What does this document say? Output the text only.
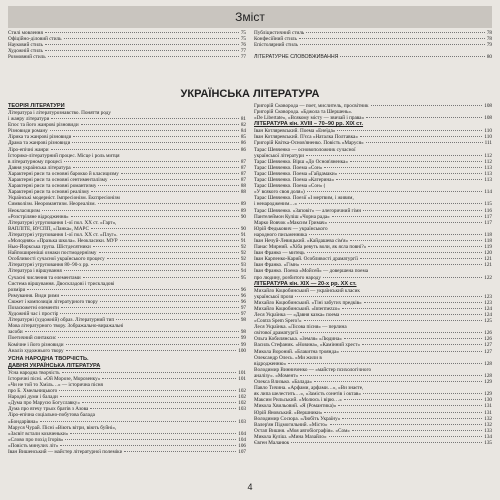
Зміст
Стилі мовлення	75
Офіційно-діловий стиль	75
Науковий стиль	76
Художній стиль	77
Розмовний стиль	77
Публіцистичний стиль	78
Конфесійний стиль	78
Епістолярний стиль	79
ЛІТЕРАТУРНЕ СЛОВОВЖИВАННЯ	80
УКРАЇНСЬКА ЛІТЕРАТУРА
ТЕОРІЯ ЛІТЕРАТУРИ
Література і літературознавство. Поняття роду
і жанру літератури	81
Епос та його жанрові різновиди	82
Різновиди роману	84
Лірика та жанрові різновиди	85
Драма та жанрові різновиди	86
Ліро-епічні жанри	86
Історико-літературний процес. Місце і роль митця
в літературному процесі	87
Давня українська література	87
Характерні риси та основні барокко й класицизму	87
Характерні риси та основні сентименталізму	87
Характерні риси та основні романтизму	88
Характерні риси та основні реалізму	88
Українські модерніст. Імпресіонізм. Експресіонізм
Символізм. Неоромантизм. Неореалізм.	89
Неокласицизм	89
«Розстріляне відродження»	90
Літературні угруповання 1-ої пол. XX ст. «Гарт»,
ВАПЛІТЕ, ВУСПП, «Ланка», МАРС	90
Літературні угруповання 1-ої пол. XX ст. «Плуг».	91
«Молодняк» «Празька школа». Неокласики. МУР	91
Нью-Йоркська група. Шістдесятники	92
Найпоширеніші ознаки постмодернізму	92
Особливості сучасної українського процесу	92
Літературні угруповання 80–90-х рр.	93
Література і віршування	94
Сучасні числення та елементами	95
Система віршування. Двоскладові і трискладові
розміри	96
Римування. Види рими	96
Сюжет і композиція літературного твору	96
Позасюжетні елементи	97
Художній час і простір	97
Літературні (художній) образ. Літературний тип	98
Мова літературного твору. Зображально-виражальні
засоби	98
Поетичний синтаксис	99
Комічне і його різновиди	99
Аналіз художнього твору	100
УСНА НАРОДНА ТВОРЧІСТЬ.
ДАВНЯ УКРАЇНСЬКА ЛІТЕРАТУРА
Усна народна творчість	101
Історичні пісні. «Ой Морозе, Морозенку»	101
«Чи не той то Хміль…» — історична пісня
про Б. Хмельницького	102
Народні думи і балади	102
«Дума про Марусю Богуславку»	102
Дума про втечу трьох братів з Азова	103
Ліро-епічна соціально-побутова балада
«Бондарівна»	103
Маруся Чурай. Пісні «Віють вітри, віють буйні»,
«Засвіт встали козаченьки»	104
«Слово про похід Ігорів»	104
«Повість минулих літ»	106
Іван Вишенський — майстер літературної полеміки	107
Григорій Сковорода — поет, мислитель, просвітник	108
Григорій Сковорода. «Бджола та Шершень».
«De Libertate», «Всякому місту — звичай і права»	108
ЛІТЕРАТУРА кін. XVIII – 70–90 рр. XIX ст.
Іван Котляревський. Поема «Енеїда»	110
Іван Котляревський. П'єса «Наталка Полтавка»	110
Григорій Квітка-Основ'яненко. Повість «Маруся»	111
Тарас Шевченко — основоположник сучасної
української літератури	112
Тарас Шевченко. Вірш «До Основ'яненка»	112
Тарас Шевченко. Поема «Сон»	113
Тарас Шевченко. Поема «Гайдамаки»	113
Тарас Шевченко. Поема «Катерина»	113
Тарас Шевченко. Поема «Сон» (
«У всякого своя доля»)	114
Тарас Шевченко. Поезії «І мертвим, і живим,
і ненародженим…»	115
Тарас Шевченко. «Заповіт» — алегоричний гімн	116
Пантелеймон Куліш «Чорна рада»	117
Марко Вовчок «Максим Гримач»	117
Юрій Федькович — українського
народного письменника	118
Іван Нечуй-Левицький. «Кайдашева сім'я»	118
Панас Мирний. «Хіба ревуть воли, як ясла повні?»	119
Іван Франко — митець	120
Іван Карпенко-Карий. Особливості драматургії	121
Іван Франко. «Гімн»	121
Іван Франко. Поема «Мойсей» — довершена поема
про людину, розбитого народу	122
ЛІТЕРАТУРА кін. XIX — 20-х рр. XX ст.
Михайло Коцюбинський — український класик
української прози	123
Михайло Коцюбинський. «Тіні забутих предків»	123
Михайло Коцюбинський. «Intermezzo»	124
Леся Українка — «Давня казка» поема	124
«Contra Spem Spero!»	125
Леся Українка. «Лісова пісня» — перлина
світової драматургії	126
Ольга Кобилянська. «Земля» «Людина»	126
Василь Стефаник. «Новина», «Камінний хрест»	127
Микола Вороний. «Блакитна троянда»	127
Олександр Олесь. «Ми жили в
відродженню»	128
Володимир Винниченко — «майстер психологічного
аналізу». «Момент»	128
Олекса Влизько. «Балада»	129
Павло Тичина. «Арфами, арфами…», «Ви знаєте,
як липа шелестить…», «Замість сонетів і октав»	129
Максим Рильський. «Молюсь і вірю…»	130
Микола Хвильовий. «Я (Романтика)»	131
Юрій Яновський. «Вершники»	131
Володимир Сосюра. «Любіть Україну»	132
Валер'ян Підмогильний. «Місто»	132
Остап Вишня. «Моя автобіографія». «Сом»	133
Микола Куліш. «Мина Мазайло»	134
Євген Маланюк	135
4
